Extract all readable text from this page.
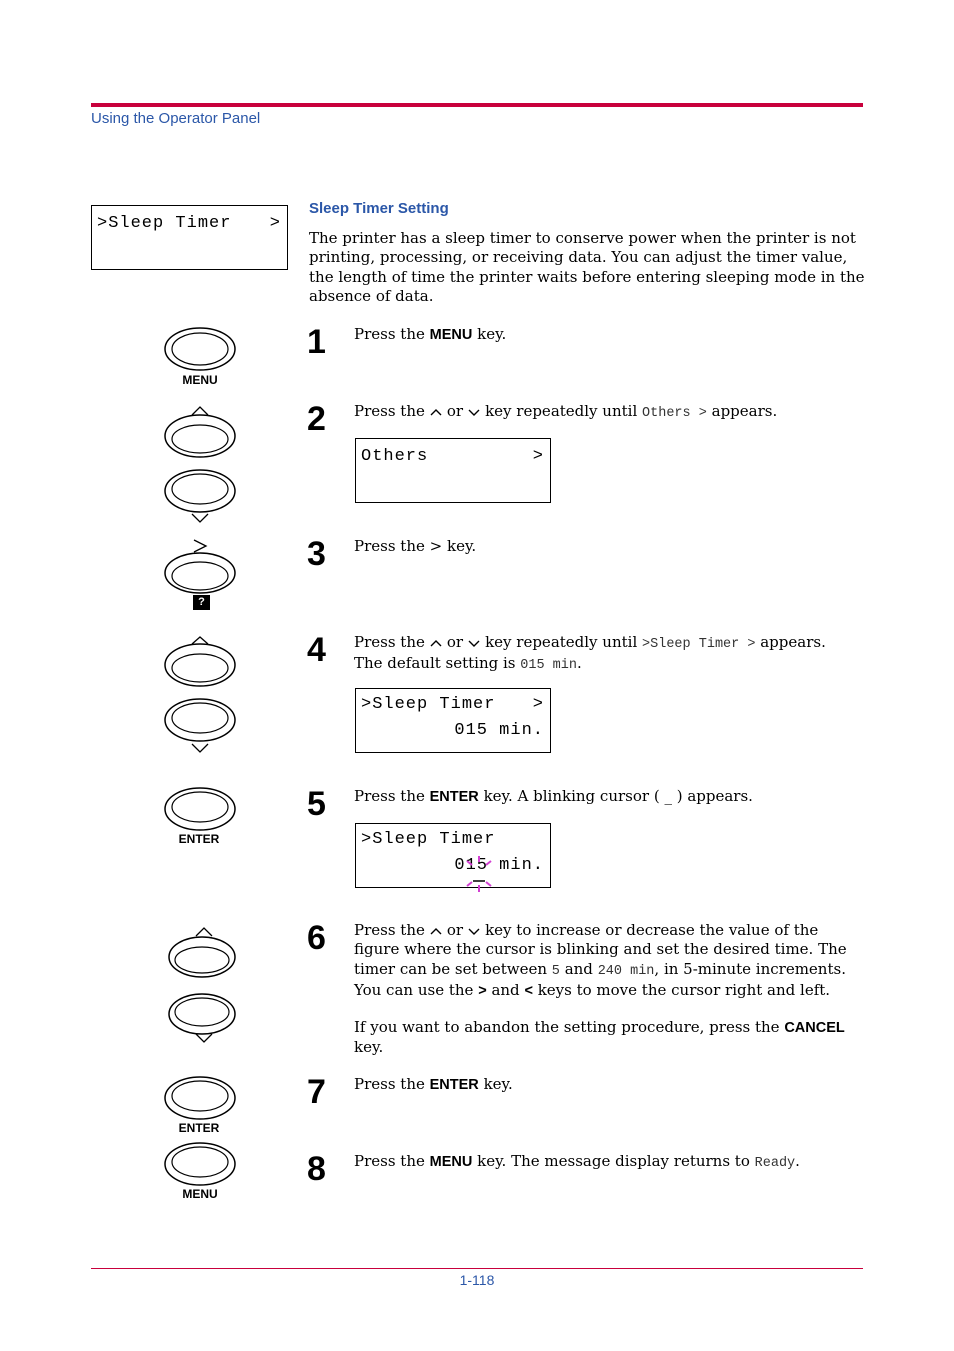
Using the Operator Panel
1-118
>Sleep Timer >
Sleep Timer Setting
The printer has a sleep timer to conserve power when the printer is not printing, processing, or receiving data. You can adjust the timer value, the length of time the printer waits before entering sleeping mode in the absence of data.
MENU
?
ENTER
ENTER
MENU
1 Press the MENU key.
2 Press the or key repeatedly until Others > appears.
Others	>
3 Press the > key.
4 Press the or key repeatedly until >Sleep Timer > appears.
The default setting is 015 min.
>Sleep Timer >
015 min.
5 Press the ENTER key. A blinking cursor ( _ ) appears.
>Sleep Timer
015 min.
6 Press the or key to increase or decrease the value of the figure where the cursor is blinking and set the desired time. The timer can be set between 5 and 240 min, in 5-minute increments. You can use the > and < keys to move the cursor right and left.
If you want to abandon the setting procedure, press the CANCEL key.
7 Press the ENTER key.
8 Press the MENU key. The message display returns to Ready.
